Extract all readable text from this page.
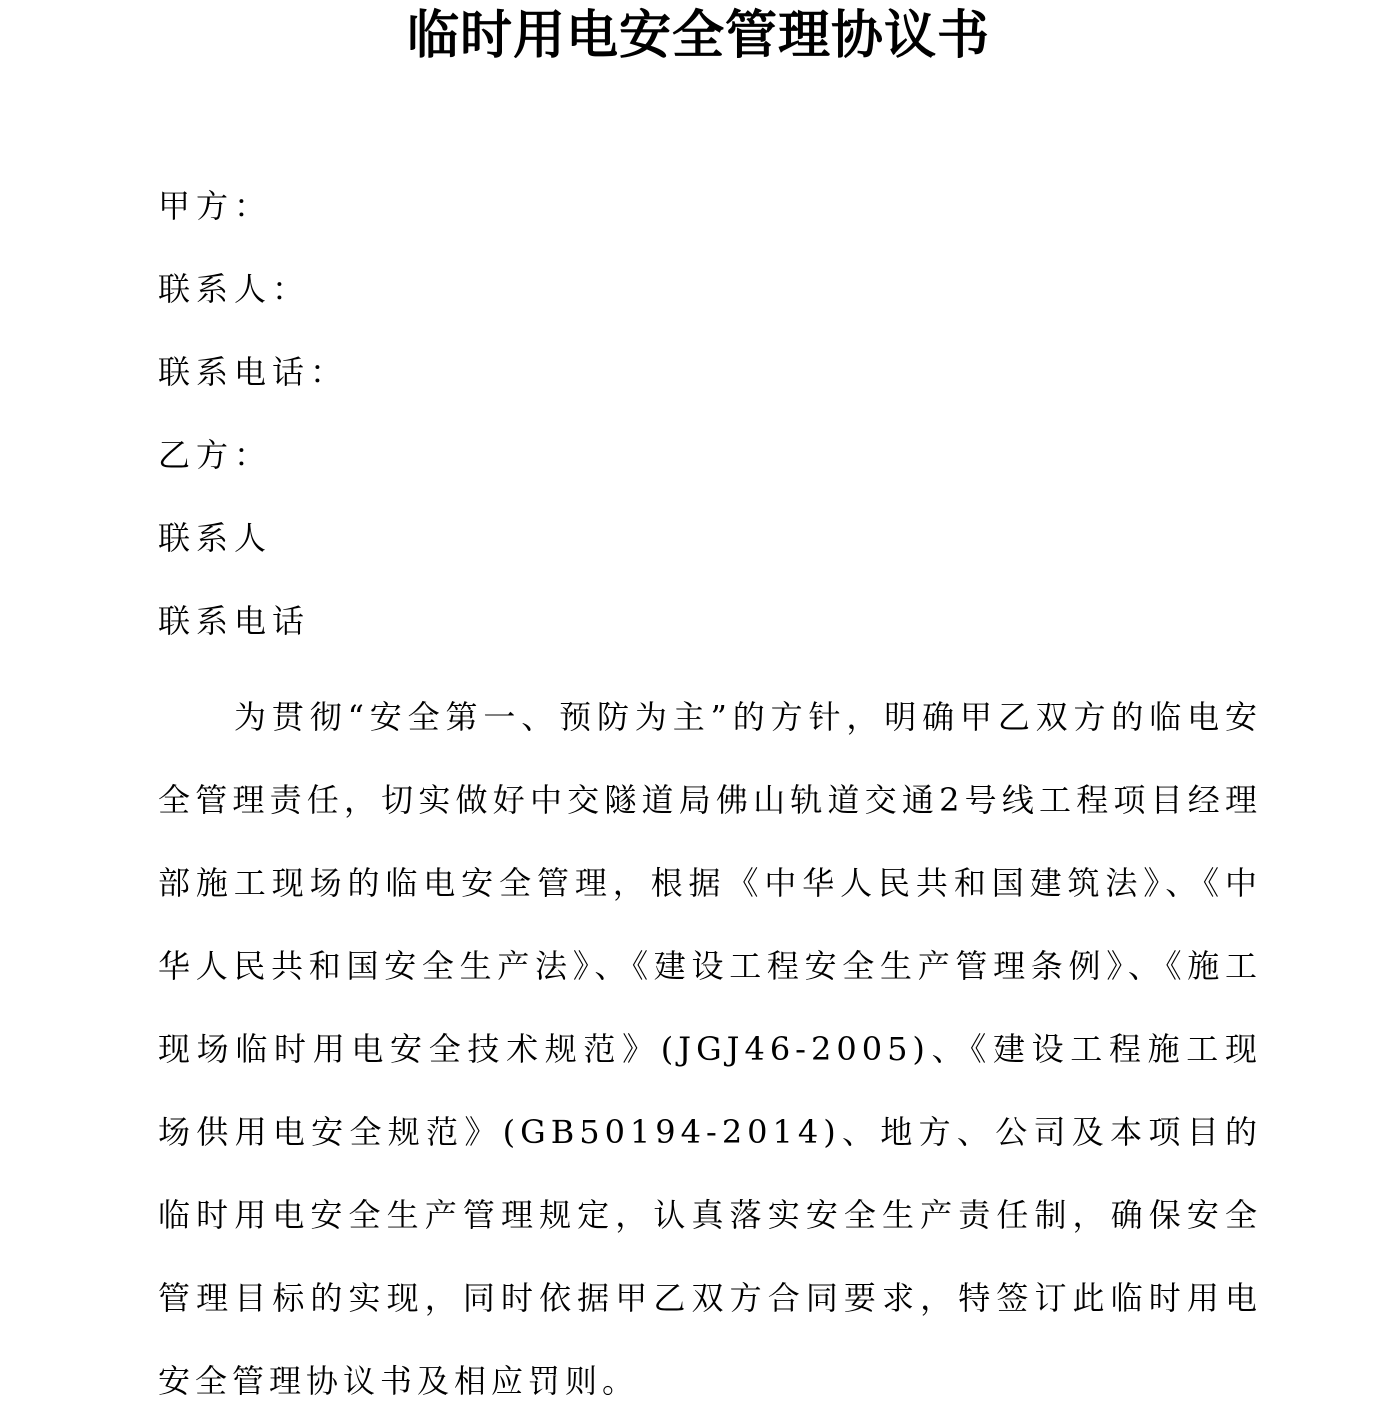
临时用电安全管理协议书
甲方：
联系人：
联系电话：
乙方：
联系人
联系电话

为贯彻“安全第一、预防为主”的方针，明确甲乙双方的临电安全管理责任，切实做好中交隧道局佛山轨道交通2号线工程项目经理部施工现场的临电安全管理，根据《中华人民共和国建筑法》、《中华人民共和国安全生产法》、《建设工程安全生产管理条例》、《施工现场临时用电安全技术规范》(JGJ46-2005)、《建设工程施工现场供用电安全规范》(GB50194-2014)、地方、公司及本项目的临时用电安全生产管理规定，认真落实安全生产责任制，确保安全管理目标的实现，同时依据甲乙双方合同要求，特签订此临时用电安全管理协议书及相应罚则。
